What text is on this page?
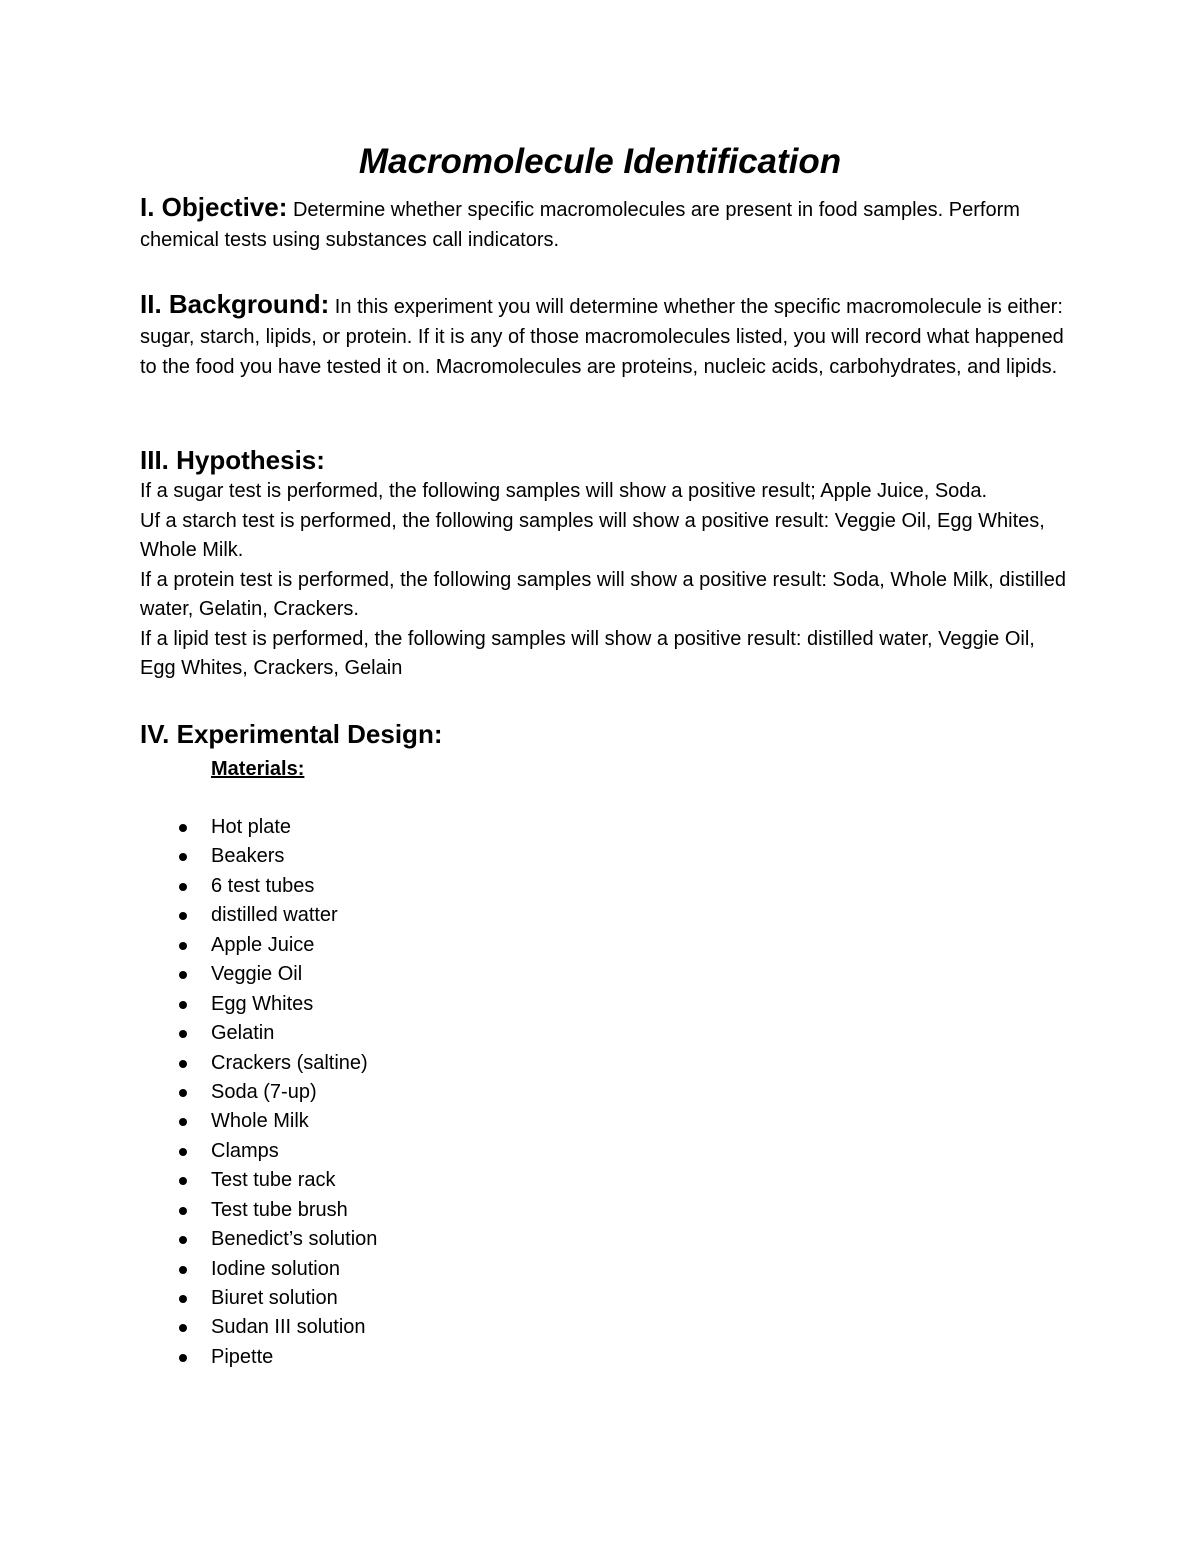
Macromolecule Identification
I. Objective: Determine whether specific macromolecules are present in food samples. Perform chemical tests using substances call indicators.
II. Background: In this experiment you will determine whether the specific macromolecule is either: sugar, starch, lipids, or protein. If it is any of those macromolecules listed, you will record what happened to the food you have tested it on. Macromolecules are proteins, nucleic acids, carbohydrates, and lipids.
III. Hypothesis:
If a sugar test is performed, the following samples will show a positive result; Apple Juice, Soda.
Uf a starch test is performed, the following samples will show a positive result: Veggie Oil, Egg Whites, Whole Milk.
If a protein test is performed, the following samples will show a positive result: Soda, Whole Milk, distilled water, Gelatin, Crackers.
If a lipid test is performed, the following samples will show a positive result: distilled water, Veggie Oil, Egg Whites, Crackers, Gelain
IV. Experimental Design:
Materials:
Hot plate
Beakers
6 test tubes
distilled watter
Apple Juice
Veggie Oil
Egg Whites
Gelatin
Crackers (saltine)
Soda (7-up)
Whole Milk
Clamps
Test tube rack
Test tube brush
Benedict’s solution
Iodine solution
Biuret solution
Sudan III solution
Pipette
